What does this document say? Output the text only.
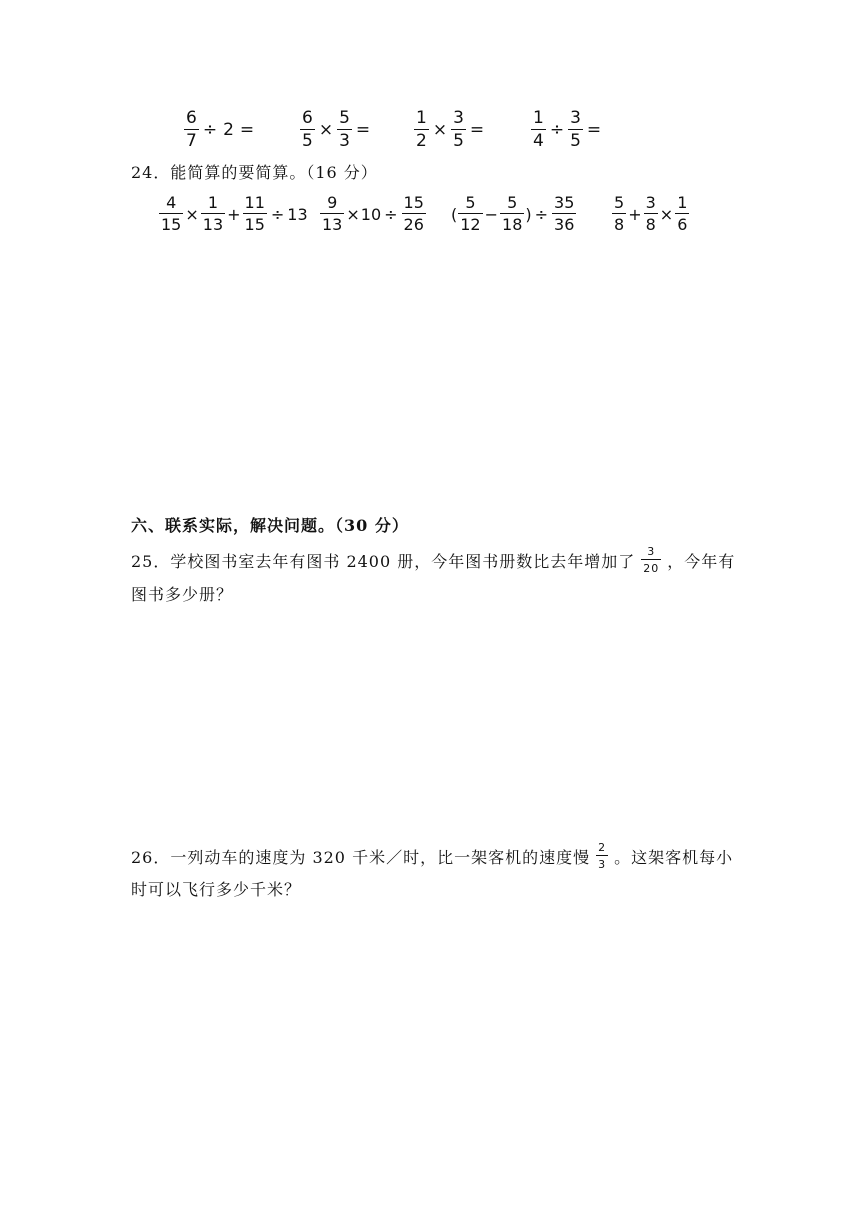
$\frac{6}{7} \div 2$ =	$\frac{6}{5} \times \frac{5}{3}$ =	$\frac{1}{2} \times \frac{3}{5}$ =	$\frac{1}{4} \div \frac{3}{5}$ =
24．能简算的要简算。（16 分）
$\frac{4}{15} \times \frac{1}{13} + \frac{11}{15} \div 13 \frac{9}{13} \times 10 \div \frac{15}{26}$ ( $\frac{5}{12} - \frac{5}{18}$ ) ÷ $\frac{35}{36} \frac{5}{8} + \frac{3}{8} \times \frac{1}{6}$
六、联系实际，解决问题。（30 分）
25．学校图书室去年有图书 2400 册，今年图书册数比去年增加了 $\frac{3}{20}$ ，今年有
图书多少册？
26．一列动车的速度为 320 千米／时，比一架客机的速度慢 $\frac{2}{3}$ 。这架客机每小
时可以飞行多少千米？
